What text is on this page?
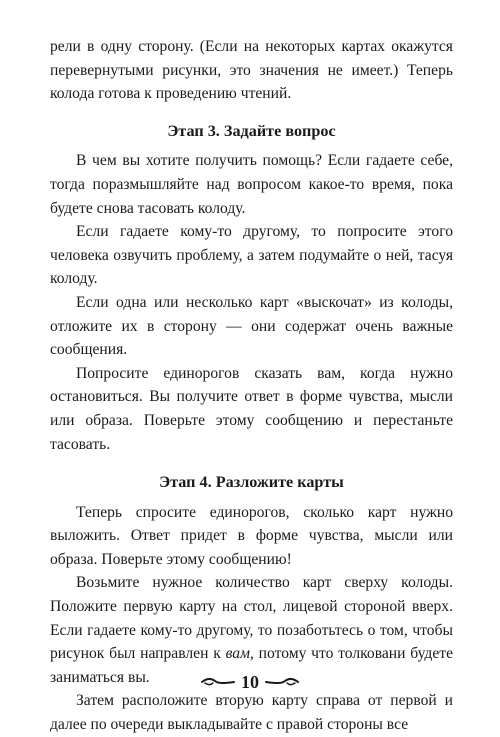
рели в одну сторону. (Если на некоторых картах окажутся перевернутыми рисунки, это значения не имеет.) Теперь колода готова к проведению чтений.

Этап 3. Задайте вопрос

В чем вы хотите получить помощь? Если гадаете себе, тогда поразмышляйте над вопросом какое-то время, пока будете снова тасовать колоду.

Если гадаете кому-то другому, то попросите этого человека озвучить проблему, а затем подумайте о ней, тасуя колоду.

Если одна или несколько карт «выскочат» из колоды, отложите их в сторону — они содержат очень важные сообщения.

Попросите единорогов сказать вам, когда нужно остановиться. Вы получите ответ в форме чувства, мысли или образа. Поверьте этому сообщению и перестаньте тасовать.

Этап 4. Разложите карты

Теперь спросите единорогов, сколько карт нужно выложить. Ответ придет в форме чувства, мысли или образа. Поверьте этому сообщению!

Возьмите нужное количество карт сверху колоды. Положите первую карту на стол, лицевой стороной вверх. Если гадаете кому-то другому, то позаботьтесь о том, чтобы рисунок был направлен к вам, потому что толковани будете заниматься вы.

Затем расположите вторую карту справа от первой и далее по очереди выкладывайте с правой стороны все

10
